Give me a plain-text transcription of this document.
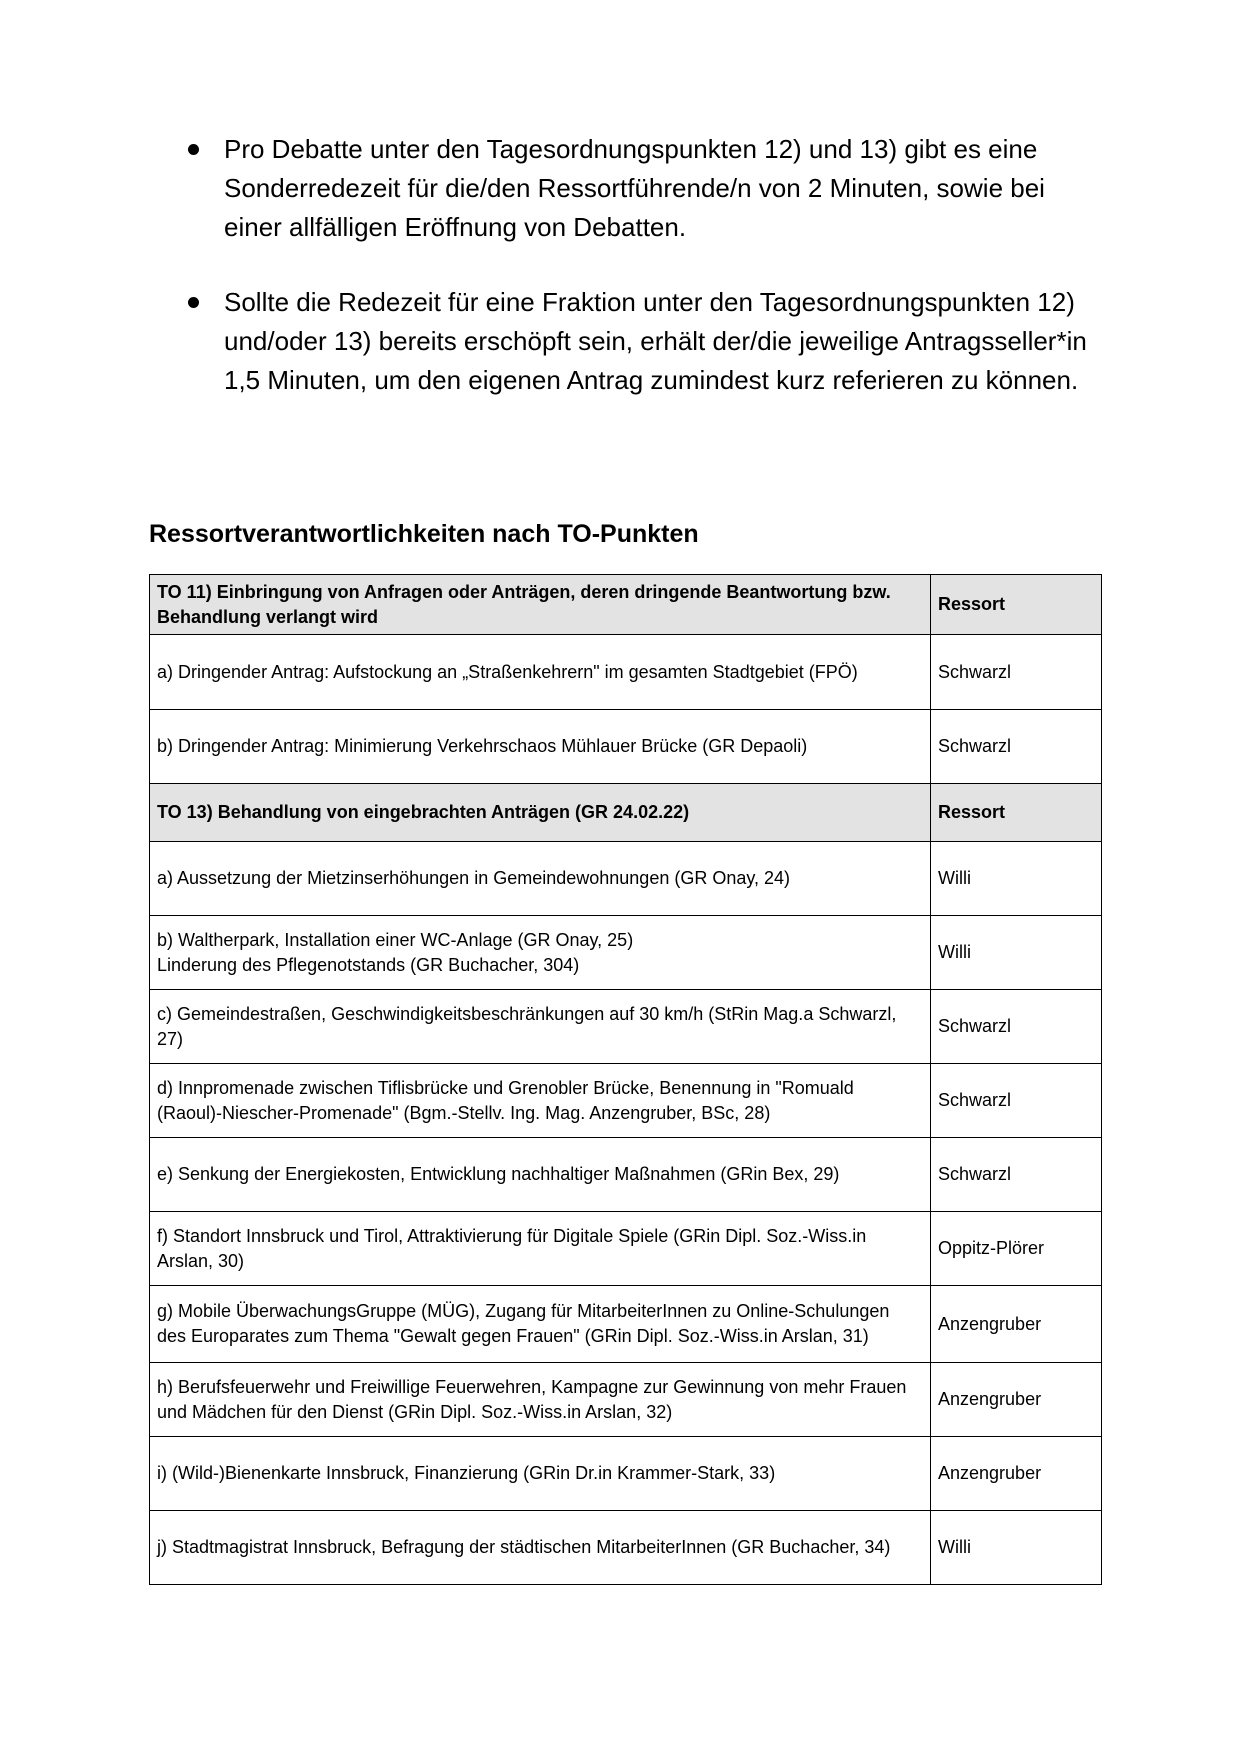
Pro Debatte unter den Tagesordnungspunkten 12) und 13) gibt es eine Sonderredezeit für die/den Ressortführende/n von 2 Minuten, sowie bei einer allfälligen Eröffnung von Debatten.
Sollte die Redezeit für eine Fraktion unter den Tagesordnungspunkten 12) und/oder 13) bereits erschöpft sein, erhält der/die jeweilige Antragsseller*in 1,5 Minuten, um den eigenen Antrag zumindest kurz referieren zu können.
Ressortverantwortlichkeiten nach TO-Punkten
TO 11) Einbringung von Anfragen oder Anträgen, deren dringende Beantwortung bzw. Behandlung verlangt wird	Ressort
a) Dringender Antrag: Aufstockung an „Straßenkehrern" im gesamten Stadtgebiet (FPÖ)	Schwarzl
b) Dringender Antrag: Minimierung Verkehrschaos Mühlauer Brücke (GR Depaoli)	Schwarzl
TO 13) Behandlung von eingebrachten Anträgen (GR 24.02.22)	Ressort
a) Aussetzung der Mietzinserhöhungen in Gemeindewohnungen (GR Onay, 24)	Willi
b) Waltherpark, Installation einer WC-Anlage (GR Onay, 25)
Linderung des Pflegenotstands (GR Buchacher, 304)	Willi
c) Gemeindestraßen, Geschwindigkeitsbeschränkungen auf 30 km/h (StRin Mag.a Schwarzl, 27)	Schwarzl
d) Innpromenade zwischen Tiflisbrücke und Grenobler Brücke, Benennung in "Romuald (Raoul)-Niescher-Promenade" (Bgm.-Stellv. Ing. Mag. Anzengruber, BSc, 28)	Schwarzl
e) Senkung der Energiekosten, Entwicklung nachhaltiger Maßnahmen (GRin Bex, 29)	Schwarzl
f) Standort Innsbruck und Tirol, Attraktivierung für Digitale Spiele (GRin Dipl. Soz.-Wiss.in Arslan, 30)	Oppitz-Plörer
g) Mobile ÜberwachungsGruppe (MÜG), Zugang für MitarbeiterInnen zu Online-Schulungen des Europarates zum Thema "Gewalt gegen Frauen" (GRin Dipl. Soz.-Wiss.in Arslan, 31)	Anzengruber
h) Berufsfeuerwehr und Freiwillige Feuerwehren, Kampagne zur Gewinnung von mehr Frauen und Mädchen für den Dienst (GRin Dipl. Soz.-Wiss.in Arslan, 32)	Anzengruber
i) (Wild-)Bienenkarte Innsbruck, Finanzierung (GRin Dr.in Krammer-Stark, 33)	Anzengruber
j) Stadtmagistrat Innsbruck, Befragung der städtischen MitarbeiterInnen (GR Buchacher, 34)	Willi
